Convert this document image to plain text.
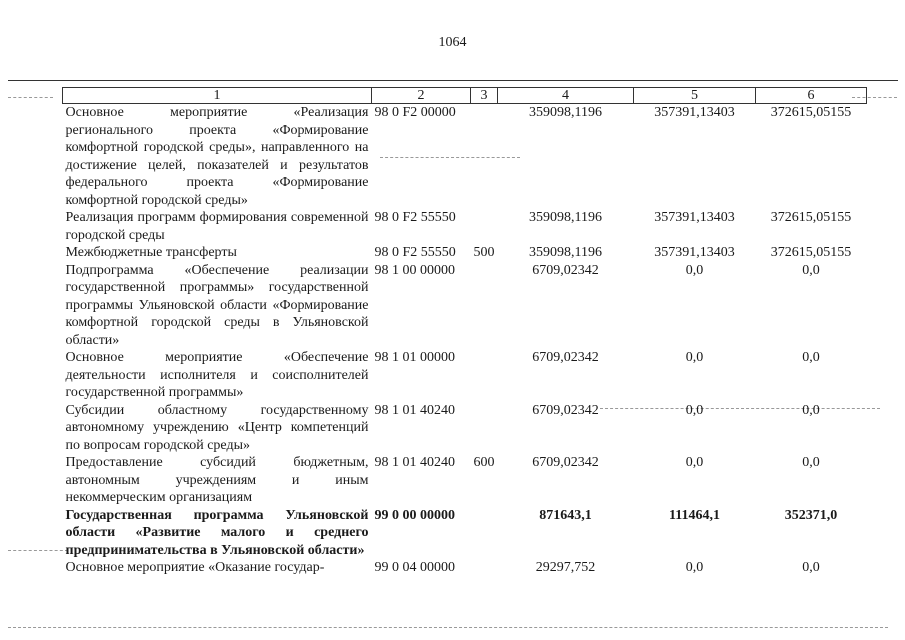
1064
1	2	3	4	5	6
Основное мероприятие «Реализация регионального проекта «Формирование комфортной городской среды», направленного на достижение целей, показателей и результатов федерального проекта «Формирование комфортной городской среды»	98 0 F2 00000		359098,1196	357391,13403	372615,05155
Реализация программ формирования современной городской среды	98 0 F2 55550		359098,1196	357391,13403	372615,05155
Межбюджетные трансферты	98 0 F2 55550	500	359098,1196	357391,13403	372615,05155
Подпрограмма «Обеспечение реализации государственной программы» государственной программы Ульяновской области «Формирование комфортной городской среды в Ульяновской области»	98 1 00 00000		6709,02342	0,0	0,0
Основное мероприятие «Обеспечение деятельности исполнителя и соисполнителей государственной программы»	98 1 01 00000		6709,02342	0,0	0,0
Субсидии областному государственному автономному учреждению «Центр компетенций по вопросам городской среды»	98 1 01 40240		6709,02342	0,0	0,0
Предоставление субсидий бюджетным, автономным учреждениям и иным некоммерческим организациям	98 1 01 40240	600	6709,02342	0,0	0,0
Государственная программа Ульяновской области «Развитие малого и среднего предпринимательства в Ульяновской области»	99 0 00 00000		871643,1	111464,1	352371,0
Основное мероприятие «Оказание государ-	99 0 04 00000		29297,752	0,0	0,0
